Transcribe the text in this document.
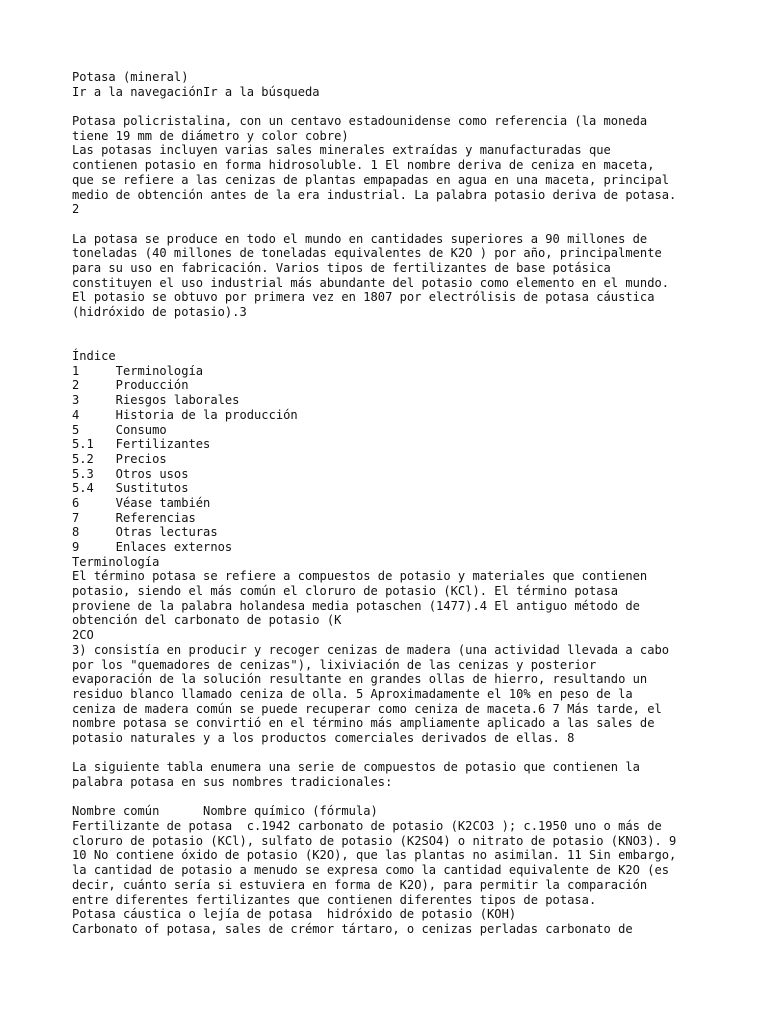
Potasa (mineral)
Ir a la navegaciónIr a la búsqueda
Potasa policristalina, con un centavo estadounidense como referencia (la moneda
tiene 19 mm de diámetro y color cobre)
Las potasas incluyen varias sales minerales extraídas y manufacturadas que
contienen potasio en forma hidrosoluble. 1 El nombre deriva de ceniza en maceta,
que se refiere a las cenizas de plantas empapadas en agua en una maceta, principal
medio de obtención antes de la era industrial. La palabra potasio deriva de potasa.
2
La potasa se produce en todo el mundo en cantidades superiores a 90 millones de
toneladas (40 millones de toneladas equivalentes de K2O ) por año, principalmente
para su uso en fabricación. Varios tipos de fertilizantes de base potásica
constituyen el uso industrial más abundante del potasio como elemento en el mundo.
El potasio se obtuvo por primera vez en 1807 por electrólisis de potasa cáustica
(hidróxido de potasio).3
Índice
1     Terminología
2     Producción
3     Riesgos laborales
4     Historia de la producción
5     Consumo
5.1   Fertilizantes
5.2   Precios
5.3   Otros usos
5.4   Sustitutos
6     Véase también
7     Referencias
8     Otras lecturas
9     Enlaces externos
Terminología
El término potasa se refiere a compuestos de potasio y materiales que contienen
potasio, siendo el más común el cloruro de potasio (KCl). El término potasa
proviene de la palabra holandesa media potaschen (1477).4 El antiguo método de
obtención del carbonato de potasio (K
2CO
3) consistía en producir y recoger cenizas de madera (una actividad llevada a cabo
por los "quemadores de cenizas"), lixiviación de las cenizas y posterior
evaporación de la solución resultante en grandes ollas de hierro, resultando un
residuo blanco llamado ceniza de olla. 5 Aproximadamente el 10% en peso de la
ceniza de madera común se puede recuperar como ceniza de maceta.6 7 Más tarde, el
nombre potasa se convirtió en el término más ampliamente aplicado a las sales de
potasio naturales y a los productos comerciales derivados de ellas. 8
La siguiente tabla enumera una serie de compuestos de potasio que contienen la
palabra potasa en sus nombres tradicionales:
Nombre común      Nombre químico (fórmula)
Fertilizante de potasa  c.1942 carbonato de potasio (K2CO3 ); c.1950 uno o más de
cloruro de potasio (KCl), sulfato de potasio (K2SO4) o nitrato de potasio (KNO3). 9
10 No contiene óxido de potasio (K2O), que las plantas no asimilan. 11 Sin embargo,
la cantidad de potasio a menudo se expresa como la cantidad equivalente de K2O (es
decir, cuánto sería si estuviera en forma de K2O), para permitir la comparación
entre diferentes fertilizantes que contienen diferentes tipos de potasa.
Potasa cáustica o lejía de potasa  hidróxido de potasio (KOH)
Carbonato of potasa, sales de crémor tártaro, o cenizas perladas carbonato de
